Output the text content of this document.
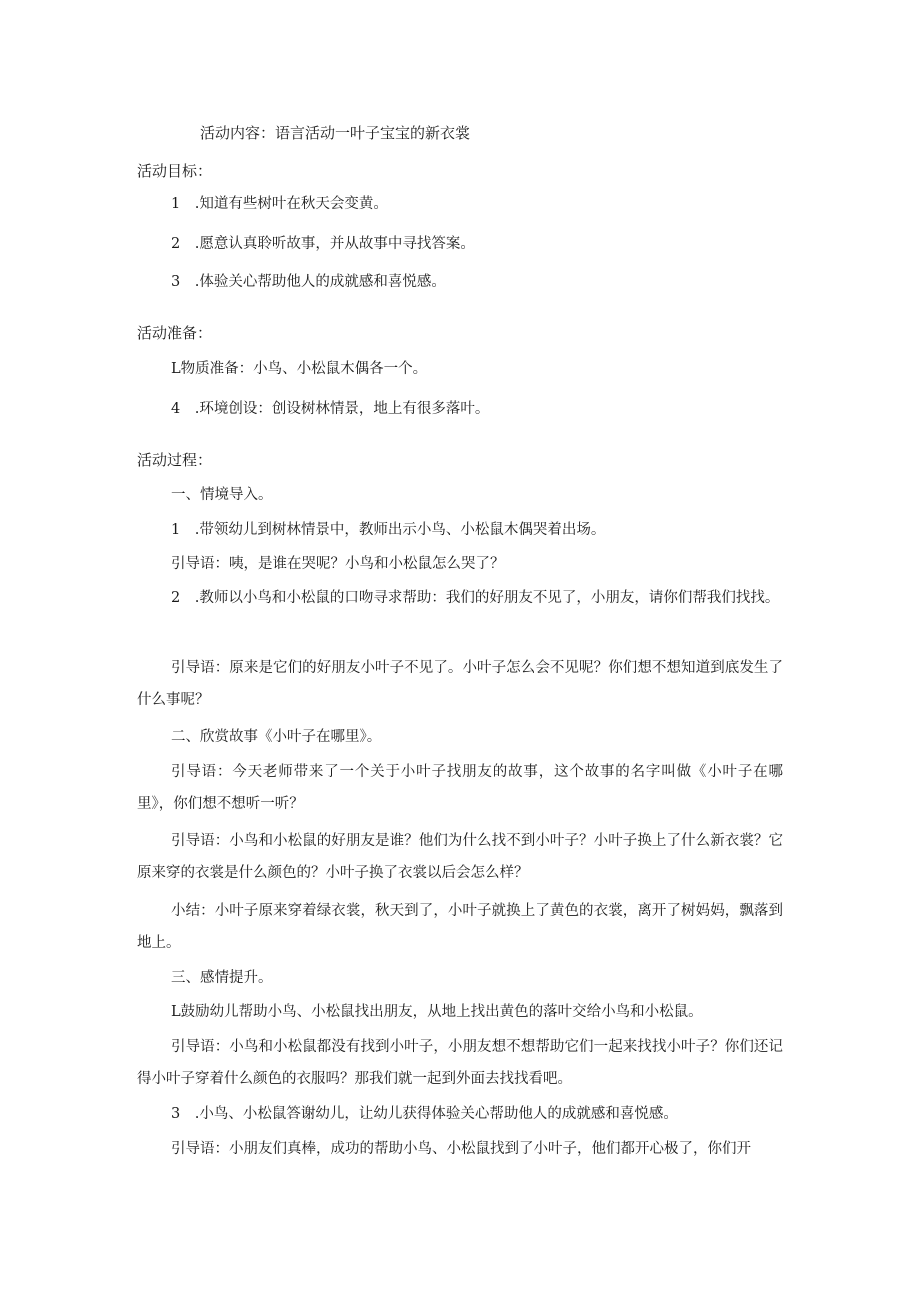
活动内容：语言活动一叶子宝宝的新衣裳
活动目标：
1　.知道有些树叶在秋天会变黄。
2　.愿意认真聆听故事，并从故事中寻找答案。
3　.体验关心帮助他人的成就感和喜悦感。
活动准备：
L物质准备：小鸟、小松鼠木偶各一个。
4　.环境创设：创设树林情景，地上有很多落叶。
活动过程：
一、情境导入。
1　.带领幼儿到树林情景中，教师出示小鸟、小松鼠木偶哭着出场。
引导语：咦，是谁在哭呢？小鸟和小松鼠怎么哭了？
2　.教师以小鸟和小松鼠的口吻寻求帮助：我们的好朋友不见了，小朋友，请你们帮我们找找。
引导语：原来是它们的好朋友小叶子不见了。小叶子怎么会不见呢？你们想不想知道到底发生了什么事呢？
二、欣赏故事《小叶子在哪里》。
引导语：今天老师带来了一个关于小叶子找朋友的故事，这个故事的名字叫做《小叶子在哪里》，你们想不想听一听？
引导语：小鸟和小松鼠的好朋友是谁？他们为什么找不到小叶子？小叶子换上了什么新衣裳？它原来穿的衣裳是什么颜色的？小叶子换了衣裳以后会怎么样？
小结：小叶子原来穿着绿衣裳，秋天到了，小叶子就换上了黄色的衣裳，离开了树妈妈，飘落到地上。
三、感情提升。
L鼓励幼儿帮助小鸟、小松鼠找出朋友，从地上找出黄色的落叶交给小鸟和小松鼠。
引导语：小鸟和小松鼠都没有找到小叶子，小朋友想不想帮助它们一起来找找小叶子？你们还记得小叶子穿着什么颜色的衣服吗？那我们就一起到外面去找找看吧。
3　.小鸟、小松鼠答谢幼儿，让幼儿获得体验关心帮助他人的成就感和喜悦感。
引导语：小朋友们真棒，成功的帮助小鸟、小松鼠找到了小叶子，他们都开心极了，你们开
